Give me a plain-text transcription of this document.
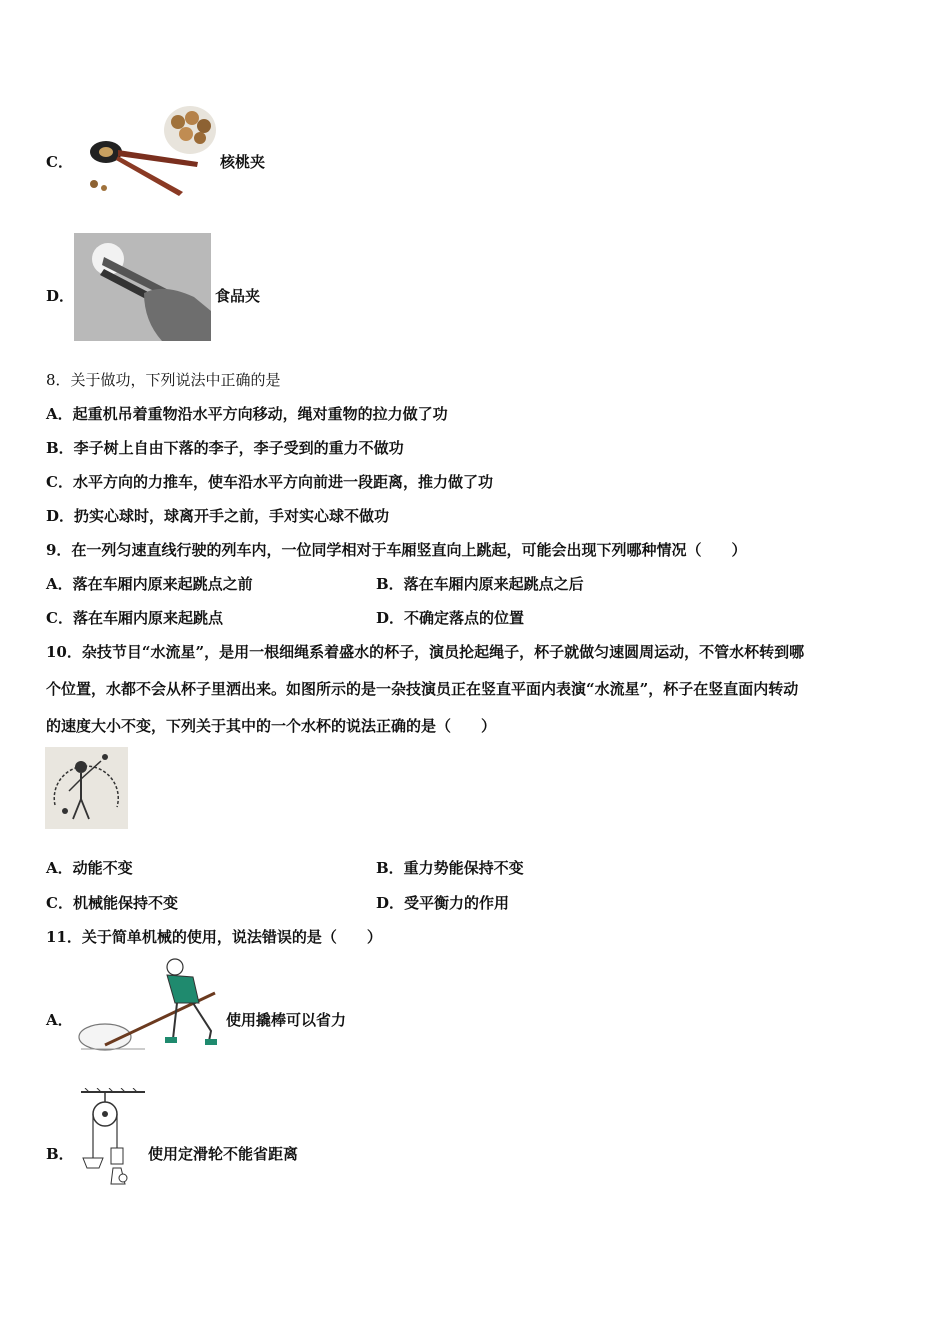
C．	核桃夹
D．	食品夹
8．关于做功，下列说法中正确的是
A．起重机吊着重物沿水平方向移动，绳对重物的拉力做了功
B．李子树上自由下落的李子，李子受到的重力不做功
C．水平方向的力推车，使车沿水平方向前进一段距离，推力做了功
D．扔实心球时，球离开手之前，手对实心球不做功
9．在一列匀速直线行驶的列车内，一位同学相对于车厢竖直向上跳起，可能会出现下列哪种情况（　　）
A．落在车厢内原来起跳点之前	B．落在车厢内原来起跳点之后
C．落在车厢内原来起跳点	D．不确定落点的位置
10．杂技节目“水流星”，是用一根细绳系着盛水的杯子，演员抡起绳子，杯子就做匀速圆周运动，不管水杯转到哪
个位置，水都不会从杯子里洒出来。如图所示的是一杂技演员正在竖直平面内表演“水流星”，杯子在竖直面内转动
的速度大小不变，下列关于其中的一个水杯的说法正确的是（　　）
A．动能不变	B．重力势能保持不变
C．机械能保持不变	D．受平衡力的作用
11．关于简单机械的使用，说法错误的是（　　）
A．	使用撬棒可以省力
B．	使用定滑轮不能省距离
